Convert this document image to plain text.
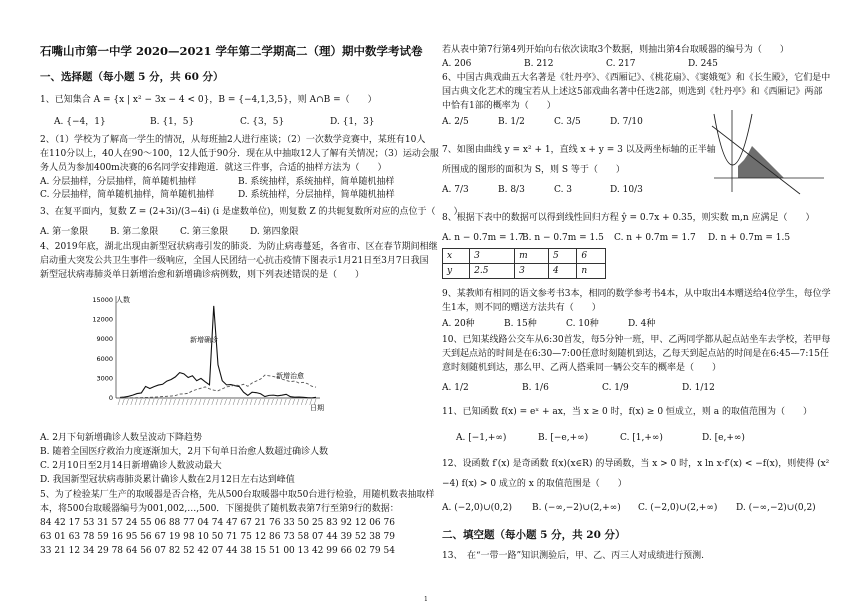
石嘴山市第一中学 2020—2021 学年第二学期高二（理）期中数学考试卷
一、选择题（每小题 5 分，共 60 分）
1、已知集合 A = {x | x² − 3x − 4 < 0}，B = {−4,1,3,5}，则 A∩B =（　　）
A. {−4，1}	B. {1，5}	C. {3，5}	D. {1，3}
2、（1）学校为了解高一学生的情况，从每班抽2人进行座谈；（2）一次数学竞赛中，某班有10人
在110分以上，40人在90～100，12人低于90分．现在从中抽取12人了解有关情况；（3）运动会服
务人员为参加400m决赛的6名同学安排跑道．就这三件事，合适的抽样方法为（　　）
A. 分层抽样，分层抽样，简单随机抽样	B. 系统抽样，系统抽样，简单随机抽样
C. 分层抽样，简单随机抽样，简单随机抽样	D. 系统抽样，分层抽样，简单随机抽样
3、在复平面内，复数 Z = (2+3i)/(3−4i) (i 是虚数单位)，则复数 Z 的共轭复数所对应的点位于（　　）
A. 第一象限 B. 第二象限 C. 第三象限 D. 第四象限
4、2019年底，湖北出现由新型冠状病毒引发的肺炎．为防止病毒蔓延，各省市、区在春节期间相继
启动重大突发公共卫生事件一级响应，全国人民团结一心抗击疫情下图表示1月21日至3月7日我国
新型冠状病毒肺炎单日新增治愈和新增确诊病例数，则下列表述错误的是（　　）
0
3000
6000
9000
12000
15000 人数
日期
新增确诊
新增治愈
A. 2月下旬新增确诊人数呈波动下降趋势
B. 随着全国医疗救治力度逐渐加大，2月下旬单日治愈人数超过确诊人数
C. 2月10日至2月14日新增确诊人数波动最大
D. 我国新型冠状病毒肺炎累计确诊人数在2月12日左右达到峰值
5、为了检验某厂生产的取暖器是否合格，先从500台取暖器中取50台进行检验，用随机数表抽取样
本，将500台取暖器编号为001,002,…,500．下图提供了随机数表第7行至第9行的数据：
84 42 17 53 31 57 24 55 06 88 77 04 74 47 67 21 76 33 50 25 83 92 12 06 76
63 01 63 78 59 16 95 56 67 19 98 10 50 71 75 12 86 73 58 07 44 39 52 38 79
33 21 12 34 29 78 64 56 07 82 52 42 07 44 38 15 51 00 13 42 99 66 02 79 54
若从表中第7行第4列开始向右依次读取3个数据，则抽出第4台取暖器的编号为（　　）
A. 206	B. 212	C. 217	D. 245
6、中国古典戏曲五大名著是《牡丹亭》、《西厢记》、《桃花扇》、《窦娥冤》和《长生殿》，它们是中
国古典文化艺术的瑰宝若从上述这5部戏曲名著中任选2部，则选到《牡丹亭》和《西厢记》两部
中恰有1部的概率为（　　）
A. 2/5	B. 1/2	C. 3/5	D. 7/10
7、如图由曲线 y = x² + 1，直线 x + y = 3 以及两坐标轴的正半轴
所围成的图形的面积为 S，则 S 等于（　　）
A. 7/3	B. 8/3	C. 3	D. 10/3
8、根据下表中的数据可以得到线性回归方程 ŷ = 0.7x + 0.35，则实数 m,n 应满足（　　）
A. n − 0.7m = 1.7
B. n − 0.7m = 1.5 C. n + 0.7m = 1.7 D. n + 0.7m = 1.5
x	3	m	5	6
y	2.5	3	4	n
9、某教师有相同的语文参考书3本，相同的数学参考书4本，从中取出4本赠送给4位学生，每位学
生1本，则不同的赠送方法共有（　　）
A. 20种	B. 15种	C. 10种	D. 4种
10、已知某线路公交车从6:30首发，每5分钟一班，甲、乙两同学都从起点站坐车去学校，若甲每
天到起点站的时间是在6:30—7:00任意时刻随机到达，乙每天到起点站的时间是在6:45—7:15任
意时刻随机到达，那么甲、乙两人搭乘同一辆公交车的概率是（　　）
A. 1/2	B. 1/6	C. 1/9	D. 1/12
11、已知函数 f(x) = eˣ + ax，当 x ≥ 0 时，f(x) ≥ 0 恒成立，则 a 的取值范围为（　　）
A. [−1,+∞)	B. [−e,+∞)	C. [1,+∞)	D. [e,+∞)
12、设函数 f′(x) 是奇函数 f(x)(x∈R) 的导函数，当 x > 0 时，x ln x·f′(x) < −f(x)，则使得 (x²
−4) f(x) > 0 成立的 x 的取值范围是（　　）
A. (−2,0)∪(0,2) B. (−∞,−2)∪(2,+∞) C. (−2,0)∪(2,+∞) D. (−∞,−2)∪(0,2)
二、填空题（每小题 5 分，共 20 分）
13、　在“一带一路”知识测验后，甲、乙、丙三人对成绩进行预测.
1
